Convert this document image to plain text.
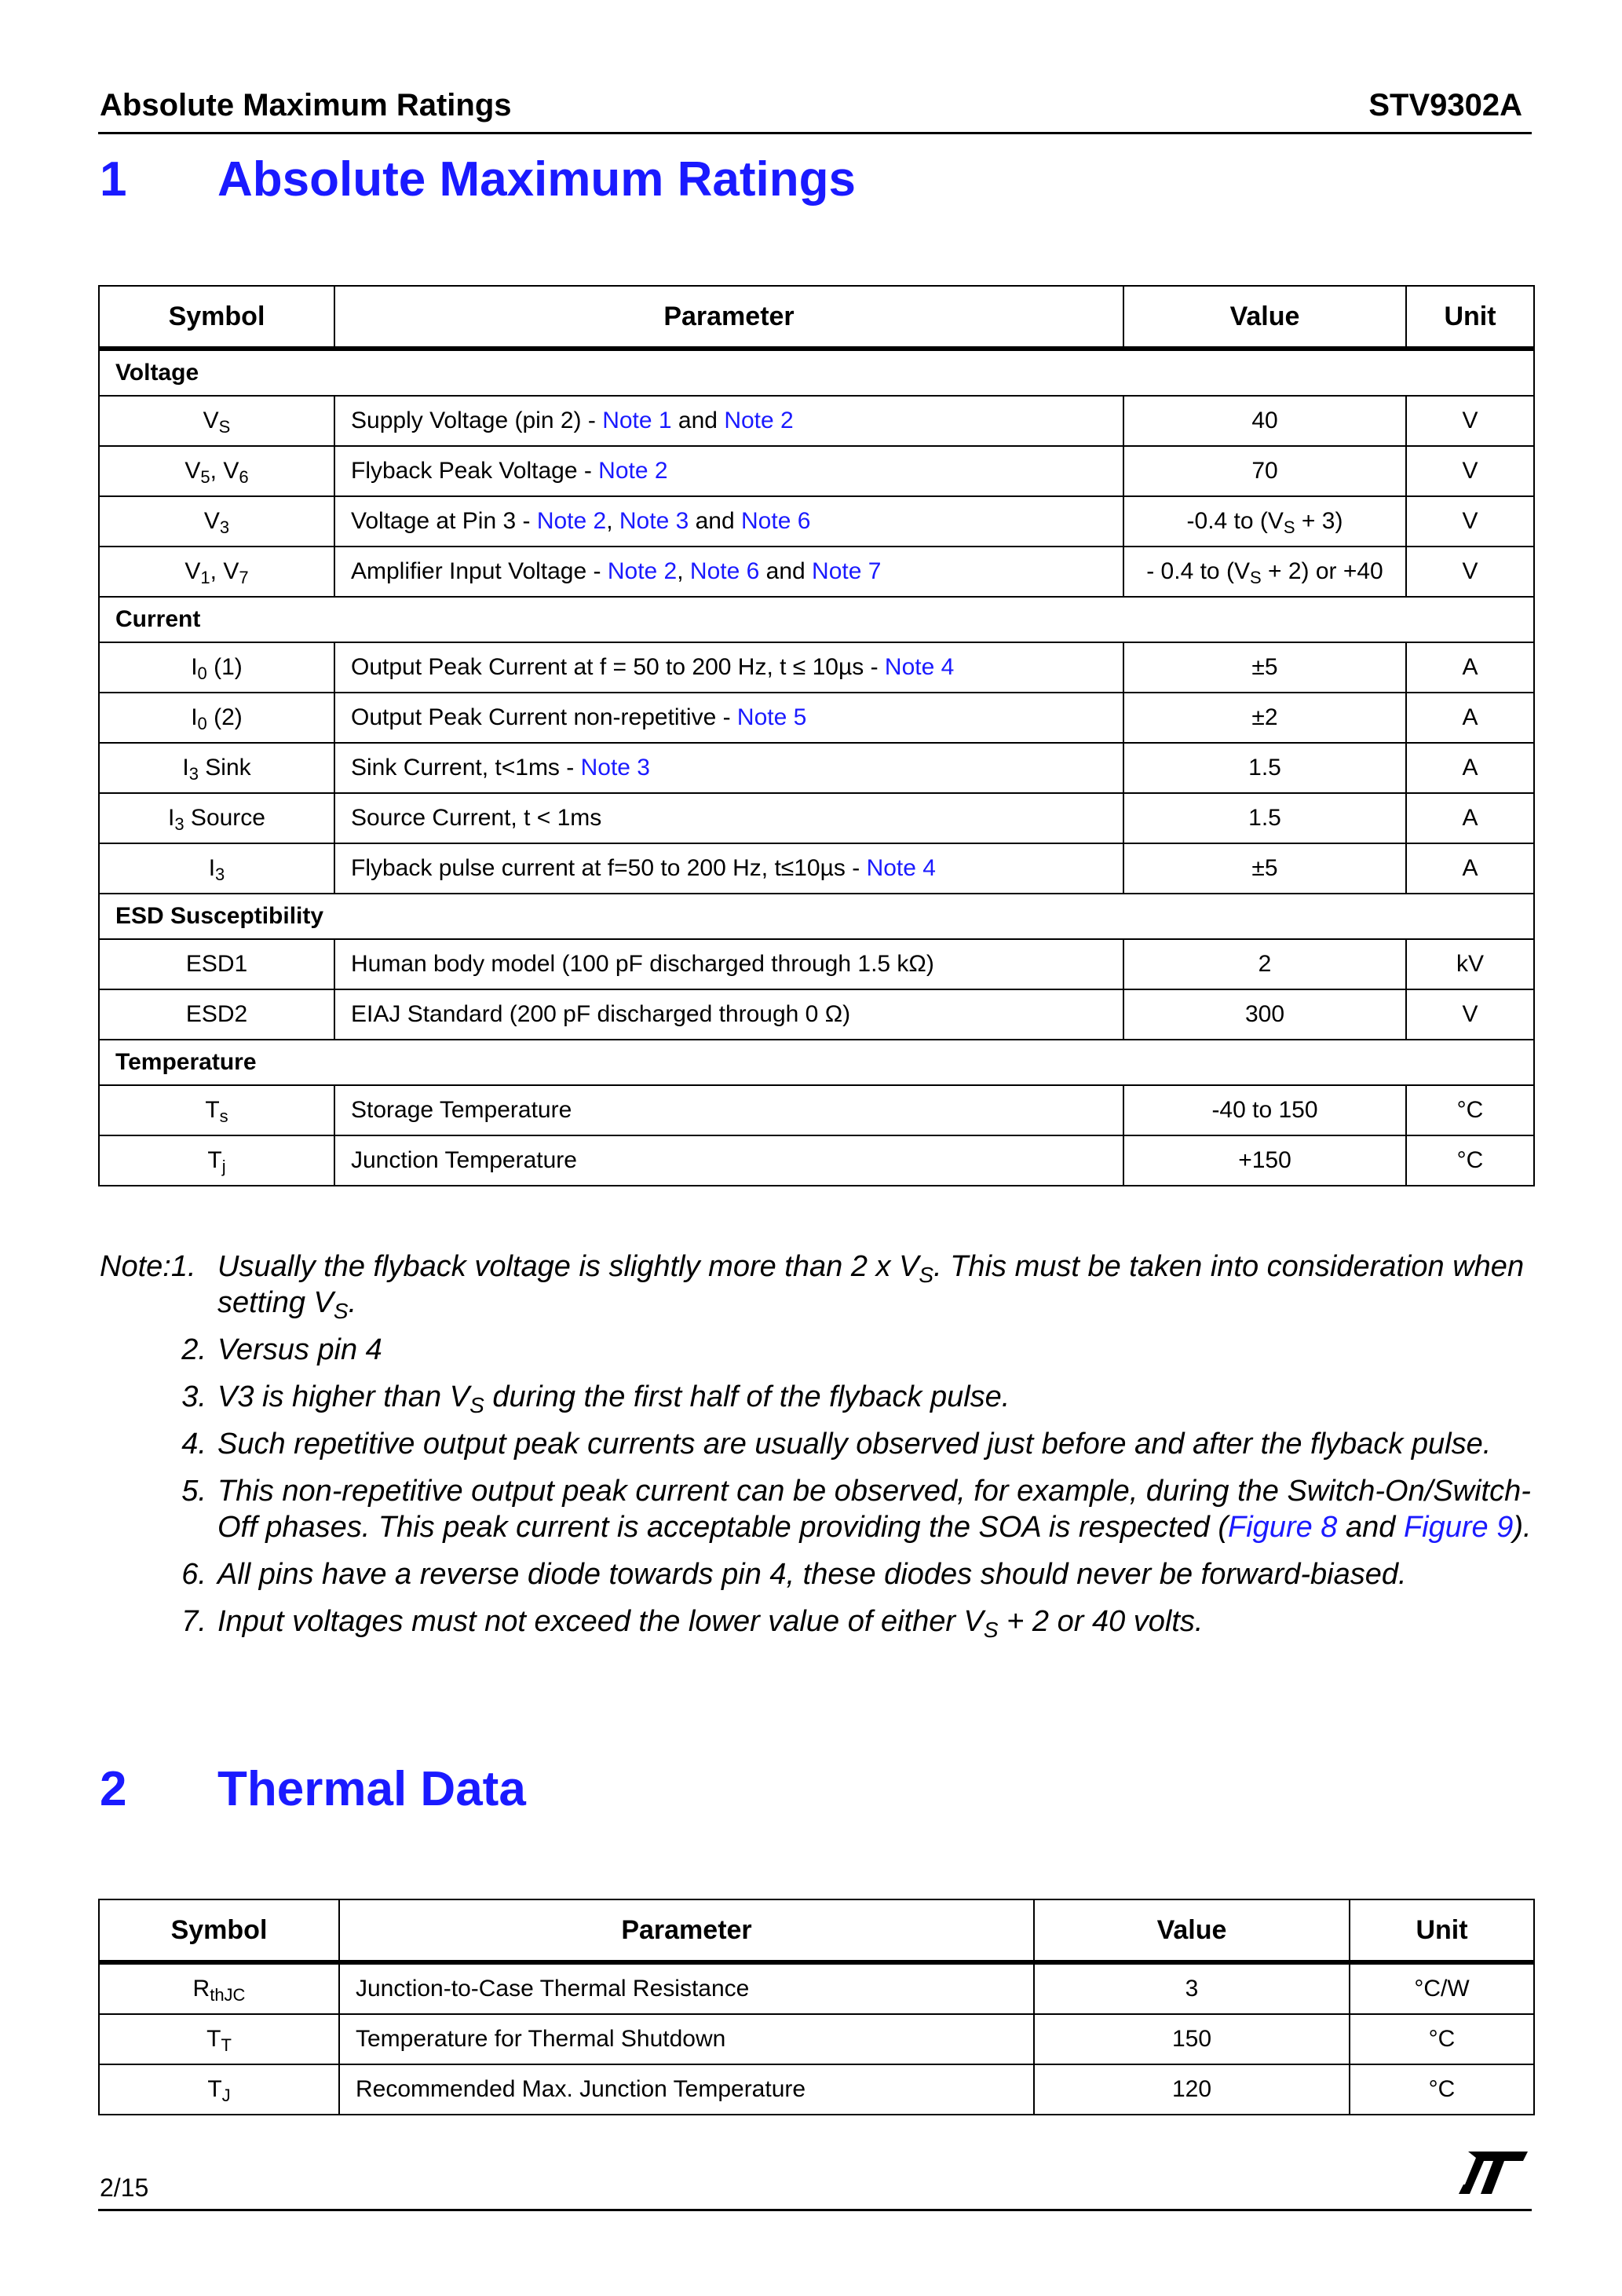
Absolute Maximum Ratings	STV9302A
1 Absolute Maximum Ratings
Symbol	Parameter	Value	Unit
Voltage			
$V_S$	Supply Voltage (pin 2) - Note 1 and Note 2	40	V
$V_5$, $V_6$	Flyback Peak Voltage - Note 2	70	V
$V_3$	Voltage at Pin 3 - Note 2, Note 3 and Note 6	-0.4 to $(V_S + 3)$	V
$V_1$, $V_7$	Amplifier Input Voltage - Note 2, Note 6 and Note 7	- 0.4 to $(V_S + 2)$ or +40	V
Current			
$I_0$ (1)	Output Peak Current at f = 50 to 200 Hz, t ≤ 10µs - Note 4	±5	A
$I_0$ (2)	Output Peak Current non-repetitive - Note 5	±2	A
$I_3$ Sink	Sink Current, t<1ms - Note 3	1.5	A
$I_3$ Source	Source Current, t < 1ms	1.5	A
$I_3$	Flyback pulse current at f=50 to 200 Hz, t≤10µs - Note 4	±5	A
ESD Susceptibility			
ESD1	Human body model (100 pF discharged through 1.5 kΩ)	2	kV
ESD2	EIAJ Standard (200 pF discharged through 0 Ω)	300	V
Temperature			
$T_s$	Storage Temperature	-40 to 150	°C
$T_j$	Junction Temperature	+150	°C
Note:1. Usually the flyback voltage is slightly more than 2 x $V_S$. This must be taken into consideration when setting $V_S$.
2. Versus pin 4
3. V3 is higher than $V_S$ during the first half of the flyback pulse.
4. Such repetitive output peak currents are usually observed just before and after the flyback pulse.
5. This non-repetitive output peak current can be observed, for example, during the Switch-On/Switch-Off phases. This peak current is acceptable providing the SOA is respected (Figure 8 and Figure 9).
6. All pins have a reverse diode towards pin 4, these diodes should never be forward-biased.
7. Input voltages must not exceed the lower value of either $V_S + 2$ or 40 volts.
2 Thermal Data
Symbol	Parameter	Value	Unit
$R_{thJC}$	Junction-to-Case Thermal Resistance	3	°C/W
$T_T$	Temperature for Thermal Shutdown	150	°C
$T_J$	Recommended Max. Junction Temperature	120	°C
2/15
